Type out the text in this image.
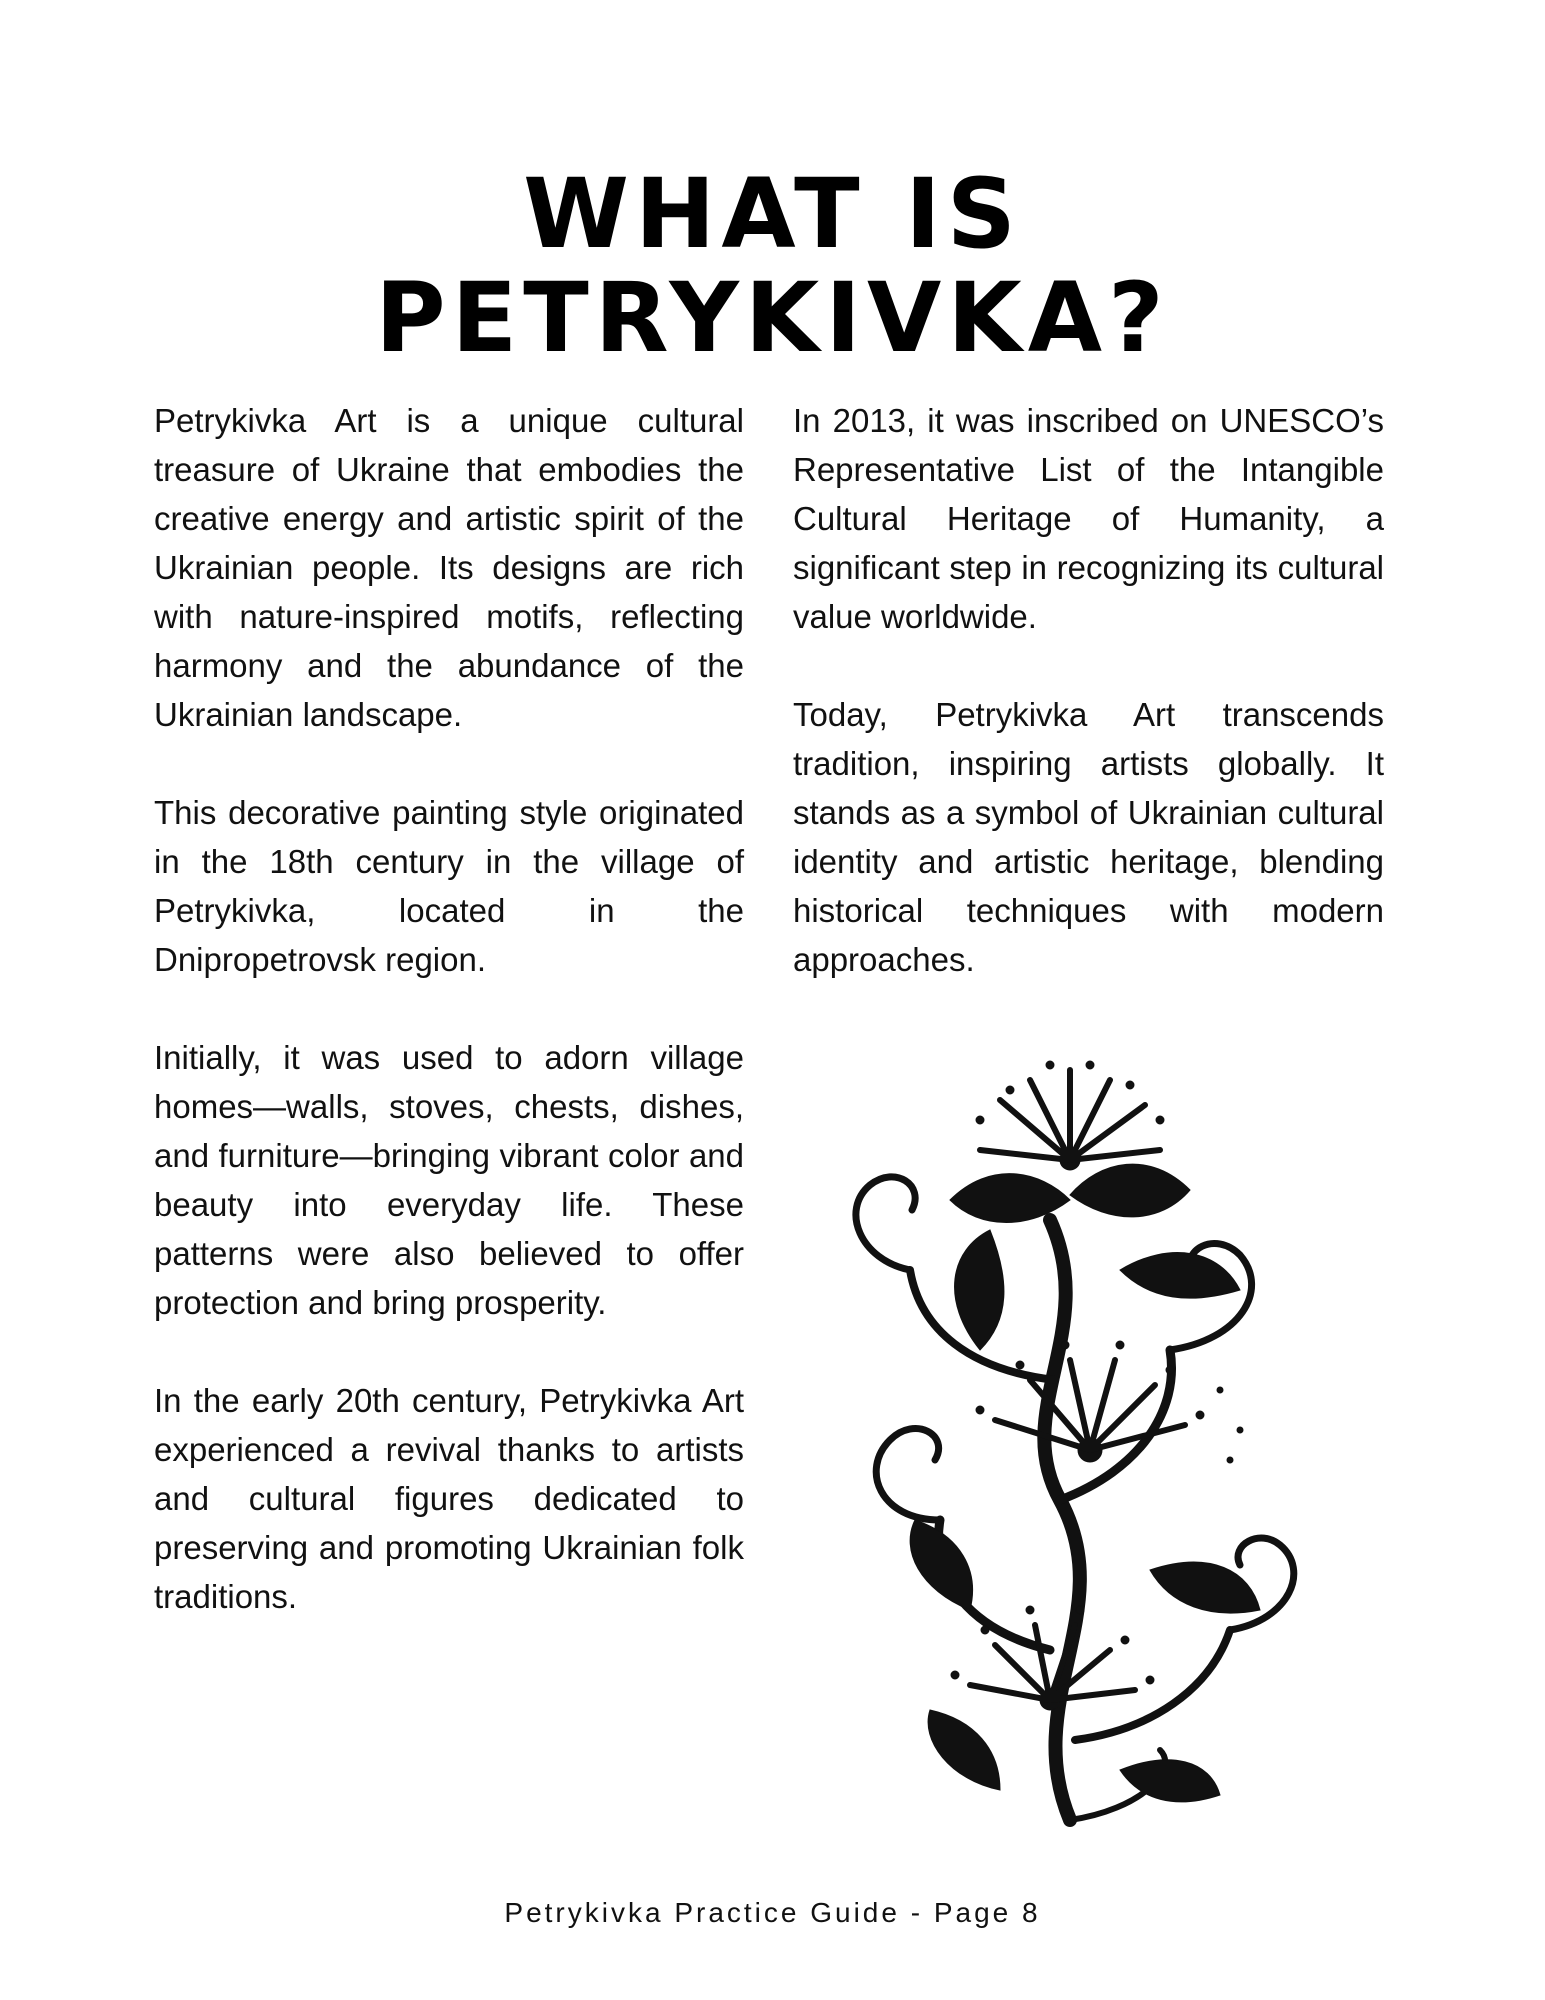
WHAT IS
PETRYKIVKA?

Petrykivka Art is a unique cultural treasure of Ukraine that embodies the creative energy and artistic spirit of the Ukrainian people. Its designs are rich with nature-inspired motifs, reflecting harmony and the abundance of the Ukrainian landscape.

This decorative painting style originated in the 18th century in the village of Petrykivka, located in the Dnipropetrovsk region.

Initially, it was used to adorn village homes—walls, stoves, chests, dishes, and furniture—bringing vibrant color and beauty into everyday life. These patterns were also believed to offer protection and bring prosperity.

In the early 20th century, Petrykivka Art experienced a revival thanks to artists and cultural figures dedicated to preserving and promoting Ukrainian folk traditions.

In 2013, it was inscribed on UNESCO’s Representative List of the Intangible Cultural Heritage of Humanity, a significant step in recognizing its cultural value worldwide.

Today, Petrykivka Art transcends tradition, inspiring artists globally. It stands as a symbol of Ukrainian cultural identity and artistic heritage, blending historical techniques with modern approaches.

Petrykivka Practice Guide - Page 8
